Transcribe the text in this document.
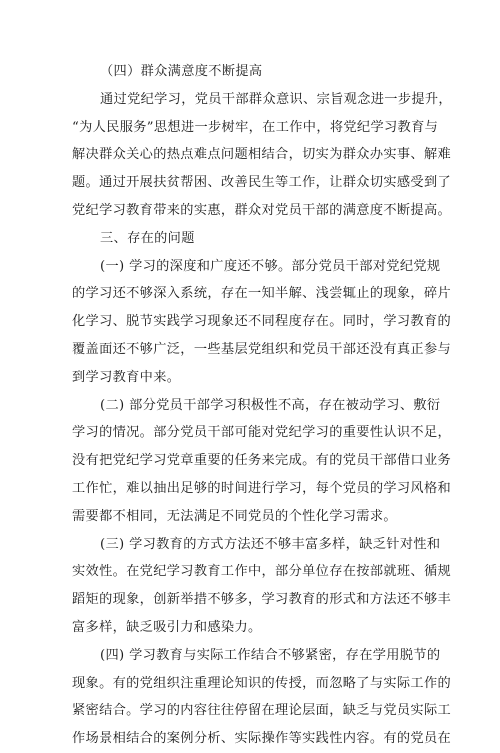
（四）群众满意度不断提高
通过党纪学习，党员干部群众意识、宗旨观念进一步提升，
“为人民服务”思想进一步树牢，在工作中，将党纪学习教育与
解决群众关心的热点难点问题相结合，切实为群众办实事、解难
题。通过开展扶贫帮困、改善民生等工作，让群众切实感受到了
党纪学习教育带来的实惠，群众对党员干部的满意度不断提高。
三、存在的问题
(一) 学习的深度和广度还不够。部分党员干部对党纪党规
的学习还不够深入系统，存在一知半解、浅尝辄止的现象，碎片
化学习、脱节实践学习现象还不同程度存在。同时，学习教育的
覆盖面还不够广泛，一些基层党组织和党员干部还没有真正参与
到学习教育中来。
(二) 部分党员干部学习积极性不高，存在被动学习、敷衍
学习的情况。部分党员干部可能对党纪学习的重要性认识不足，
没有把党纪学习党章重要的任务来完成。有的党员干部借口业务
工作忙，难以抽出足够的时间进行学习，每个党员的学习风格和
需要都不相同，无法满足不同党员的个性化学习需求。
(三) 学习教育的方式方法还不够丰富多样，缺乏针对性和
实效性。在党纪学习教育工作中，部分单位存在按部就班、循规
蹈矩的现象，创新举措不够多，学习教育的形式和方法还不够丰
富多样，缺乏吸引力和感染力。
(四) 学习教育与实际工作结合不够紧密，存在学用脱节的
现象。有的党组织注重理论知识的传授，而忽略了与实际工作的
紧密结合。学习的内容往往停留在理论层面，缺乏与党员实际工
作场景相结合的案例分析、实际操作等实践性内容。有的党员在
